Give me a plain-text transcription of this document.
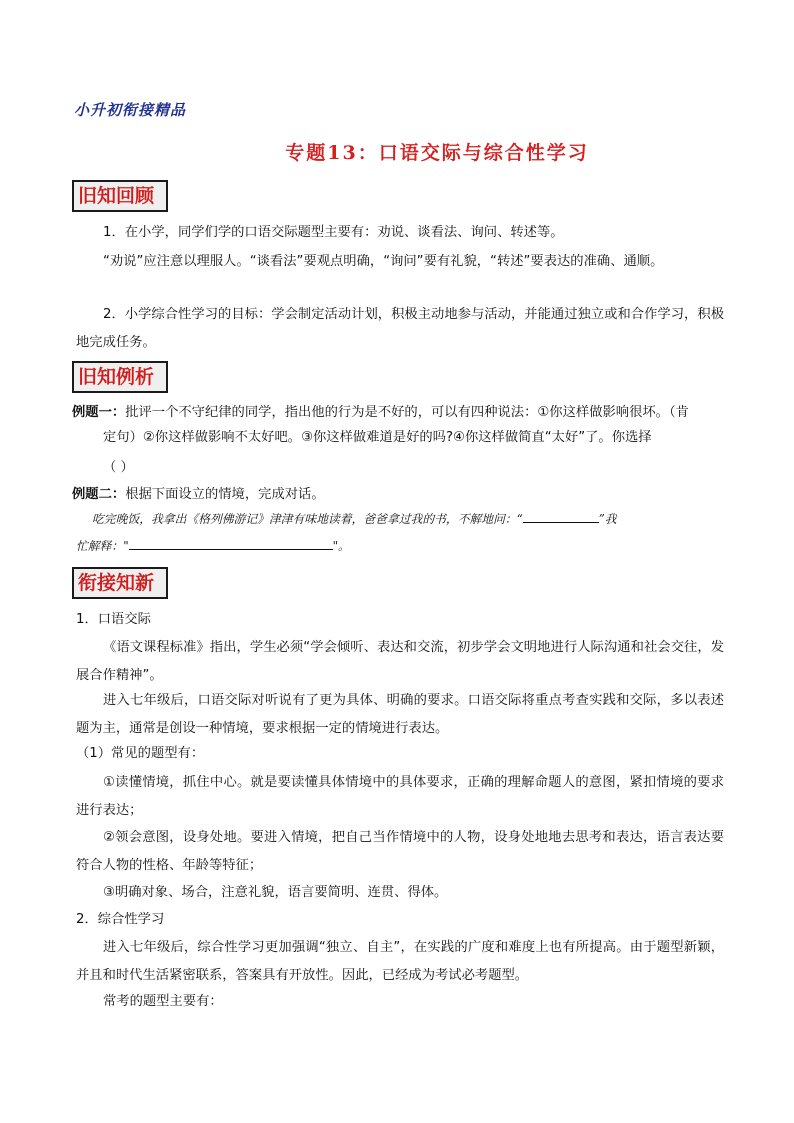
小升初衔接精品
专题13：口语交际与综合性学习
旧知回顾
1．在小学，同学们学的口语交际题型主要有：劝说、谈看法、询问、转述等。
“劝说”应注意以理服人。“谈看法”要观点明确，“询问”要有礼貌，“转述”要表达的准确、通顺。
2．小学综合性学习的目标：学会制定活动计划，积极主动地参与活动，并能通过独立或和合作学习，积极地完成任务。
旧知例析
例题一：批评一个不守纪律的同学，指出他的行为是不好的，可以有四种说法：①你这样做影响很坏。（肯
定句）②你这样做影响不太好吧。③你这样做难道是好的吗?④你这样做简直“太好”了。你选择
（ ）
例题二：根据下面设立的情境，完成对话。
吃完晚饭，我拿出《格列佛游记》津津有味地读着，爸爸拿过我的书，不解地问：“	”我
忙解释："	"。
衔接知新
1．口语交际
《语文课程标准》指出，学生必须“学会倾听、表达和交流，初步学会文明地进行人际沟通和社会交往，发展合作精神”。
进入七年级后，口语交际对听说有了更为具体、明确的要求。口语交际将重点考查实践和交际，多以表述题为主，通常是创设一种情境，要求根据一定的情境进行表达。
（1）常见的题型有：
①读懂情境，抓住中心。就是要读懂具体情境中的具体要求，正确的理解命题人的意图，紧扣情境的要求进行表达；
②领会意图，设身处地。要进入情境，把自己当作情境中的人物，设身处地地去思考和表达，语言表达要符合人物的性格、年龄等特征；
③明确对象、场合，注意礼貌，语言要简明、连贯、得体。
2．综合性学习
进入七年级后，综合性学习更加强调“独立、自主”，在实践的广度和难度上也有所提高。由于题型新颖，并且和时代生活紧密联系，答案具有开放性。因此，已经成为考试必考题型。
常考的题型主要有：
